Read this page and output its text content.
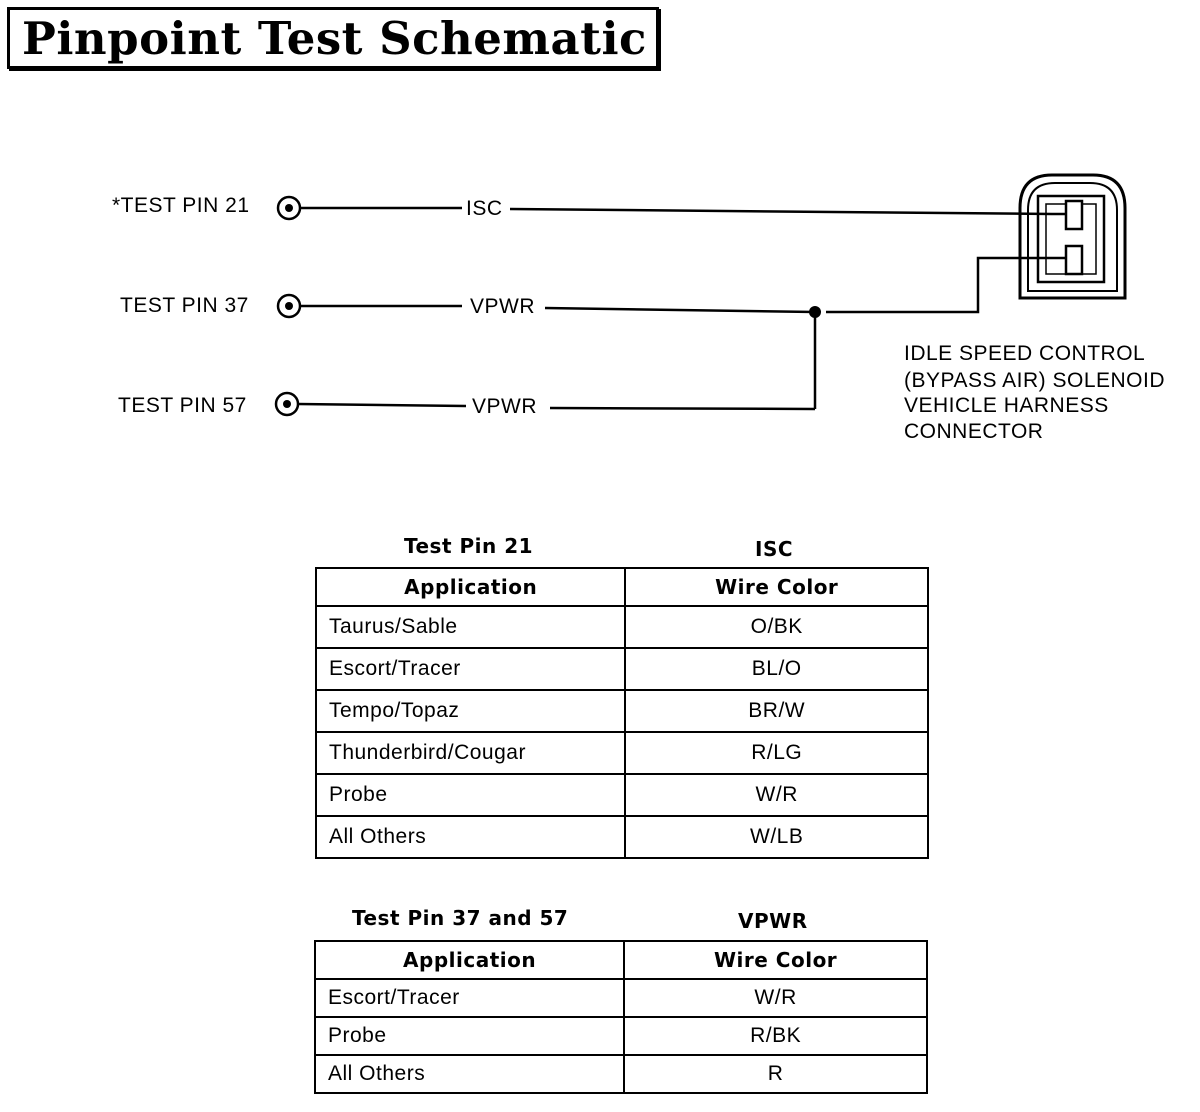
Pinpoint Test Schematic
*TEST PIN 21	ISC
TEST PIN 37	VPWR
TEST PIN 57	VPWR
IDLE SPEED CONTROL
(BYPASS AIR) SOLENOID
VEHICLE HARNESS
CONNECTOR
Test Pin 21	ISC
Application	Wire Color
Taurus/Sable	O/BK
Escort/Tracer	BL/O
Tempo/Topaz	BR/W
Thunderbird/Cougar	R/LG
Probe	W/R
All Others	W/LB
Test Pin 37 and 57	VPWR
Application	Wire Color
Escort/Tracer	W/R
Probe	R/BK
All Others	R
